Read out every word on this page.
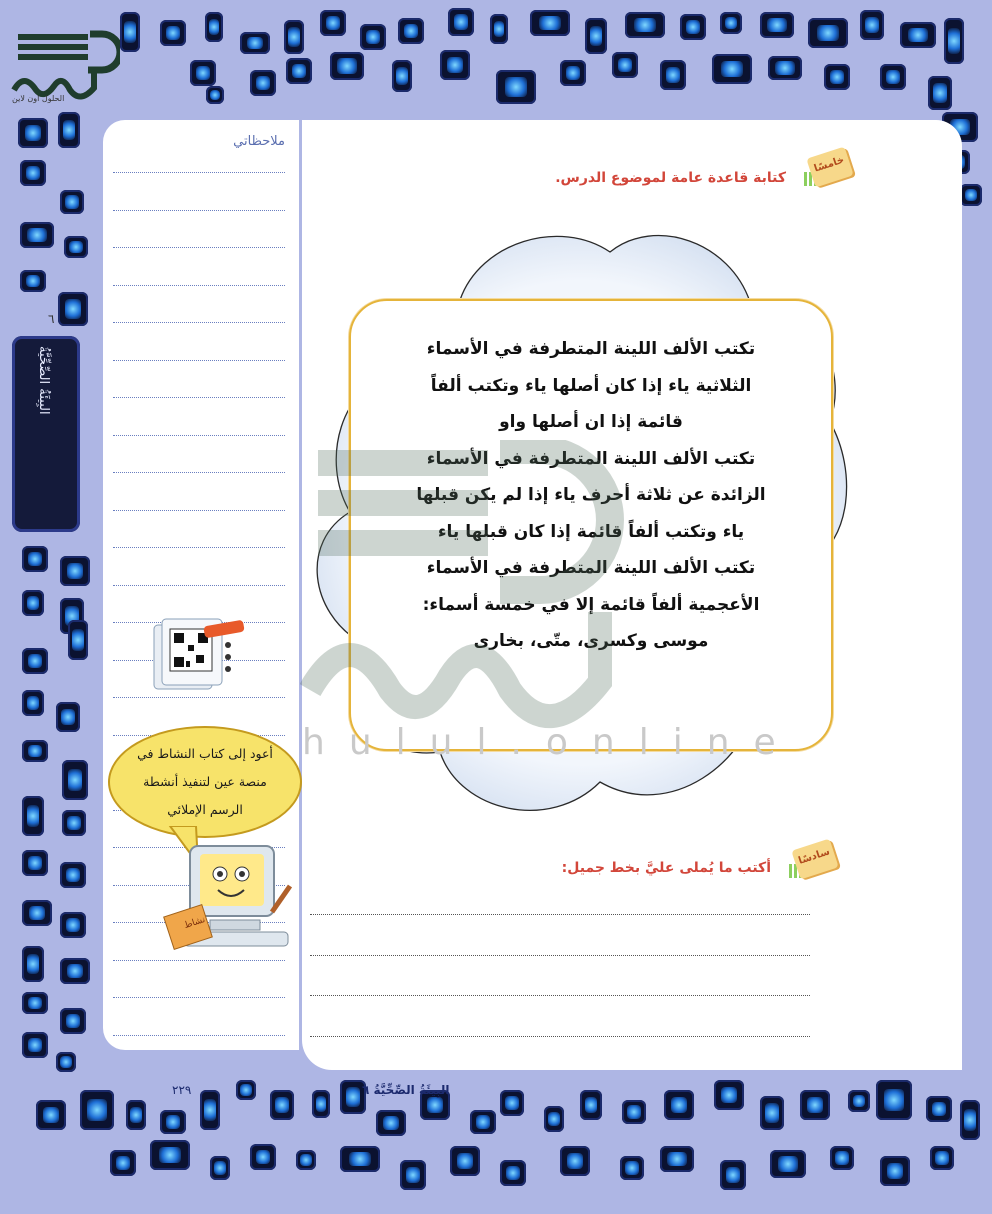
الحلول اون لاين
ملاحظاتي
البِيئَةُ الصِّحِّيَّةُ
٦
خامسًا
كتابة قاعدة عامة لموضوع الدرس.
تكتب الألف اللينة المتطرفة في الأسماء
الثلاثية ياء إذا كان أصلها ياء وتكتب ألفاً
قائمة إذا ان أصلها واو
تكتب الألف اللينة المتطرفة في الأسماء
الزائدة عن ثلاثة أحرف ياء إذا لم يكن قبلها
ياء وتكتب ألفاً قائمة إذا كان قبلها ياء
تكتب الألف اللينة المتطرفة في الأسماء
الأعجمية ألفاً قائمة إلا في خمسة أسماء:
موسى وكسرى، متّى، بخارى
سادسًا
أكتب ما يُملى عليَّ بخط جميل:
أعود إلى كتاب النشاط في
منصة عين لتنفيذ أنشطة
الرسم الإملائي
نشاط
hulul.online
البِيئَةُ الصِّحِّيَّةُ ٦
٢٢٩
